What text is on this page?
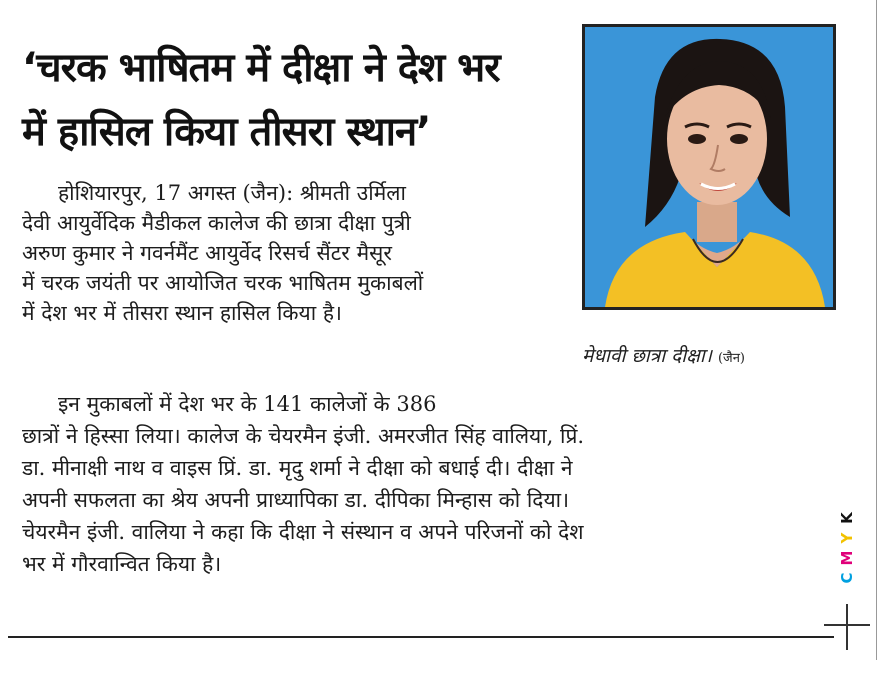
‘चरक भाषितम में दीक्षा ने देश भर
में हासिल किया तीसरा स्थान’
होशियारपुर, 17 अगस्त (जैन): श्रीमती उर्मिला
देवी आयुर्वेदिक मैडीकल कालेज की छात्रा दीक्षा पुत्री
अरुण कुमार ने गवर्नमैंट आयुर्वेद रिसर्च सैंटर मैसूर
में चरक जयंती पर आयोजित चरक भाषितम मुकाबलों
में देश भर में तीसरा स्थान हासिल किया है।
इन मुकाबलों में देश भर के 141 कालेजों के 386
छात्रों ने हिस्सा लिया। कालेज के चेयरमैन इंजी. अमरजीत सिंह वालिया, प्रिं.
डा. मीनाक्षी नाथ व वाइस प्रिं. डा. मृदु शर्मा ने दीक्षा को बधाई दी। दीक्षा ने
अपनी सफलता का श्रेय अपनी प्राध्यापिका डा. दीपिका मिन्हास को दिया।
चेयरमैन इंजी. वालिया ने कहा कि दीक्षा ने संस्थान व अपने परिजनों को देश
भर में गौरवान्वित किया है।
मेधावी छात्रा दीक्षा। (जैन)
K
Y
M
C
